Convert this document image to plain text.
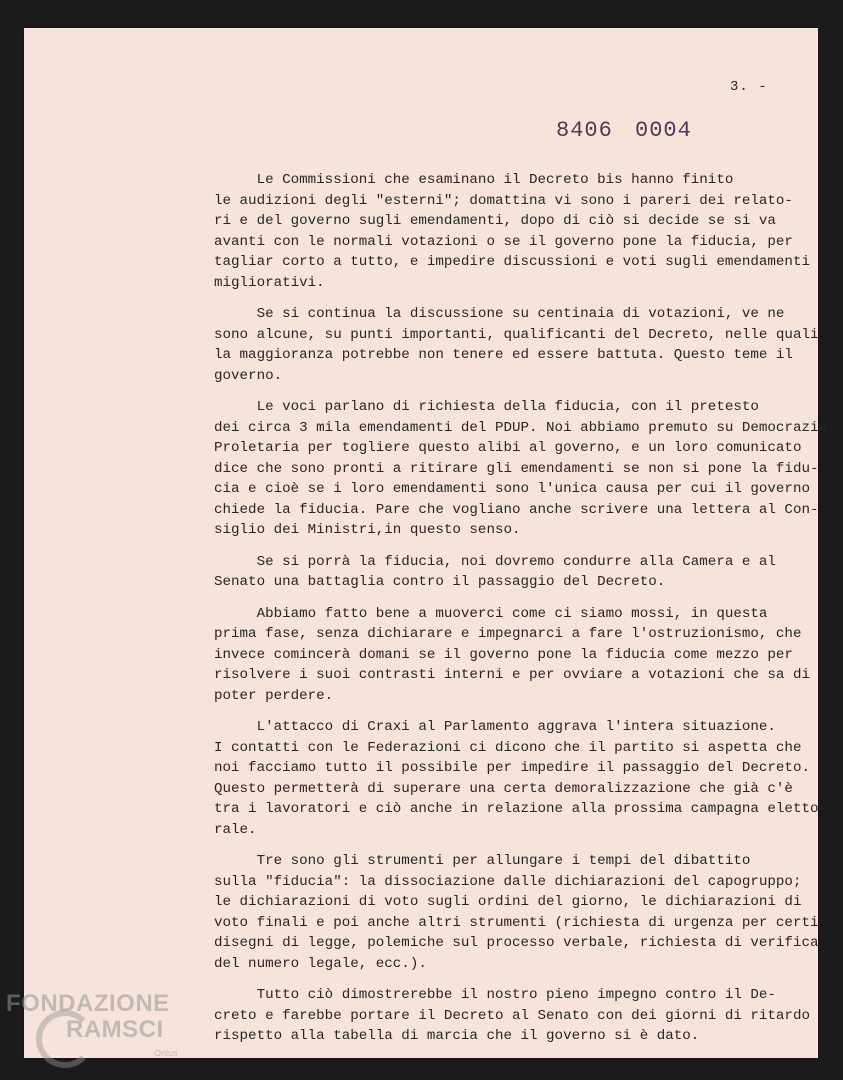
3. -
8406 0004
Le Commissioni che esaminano il Decreto bis hanno finito
le audizioni degli "esterni"; domattina vi sono i pareri dei relato-
ri e del governo sugli emendamenti, dopo di ciò si decide se si va
avanti con le normali votazioni o se il governo pone la fiducia, per
tagliar corto a tutto, e impedire discussioni e voti sugli emendamenti
migliorativi.
Se si continua la discussione su centinaia di votazioni, ve ne
sono alcune, su punti importanti, qualificanti del Decreto, nelle quali
la maggioranza potrebbe non tenere ed essere battuta. Questo teme il
governo.
Le voci parlano di richiesta della fiducia, con il pretesto
dei circa 3 mila emendamenti del PDUP. Noi abbiamo premuto su Democrazia
Proletaria per togliere questo alibi al governo, e un loro comunicato
dice che sono pronti a ritirare gli emendamenti se non si pone la fidu-
cia e cioè se i loro emendamenti sono l'unica causa per cui il governo
chiede la fiducia. Pare che vogliano anche scrivere una lettera al Con-
siglio dei Ministri,in questo senso.
Se si porrà la fiducia, noi dovremo condurre alla Camera e al
Senato una battaglia contro il passaggio del Decreto.
Abbiamo fatto bene a muoverci come ci siamo mossi, in questa
prima fase, senza dichiarare e impegnarci a fare l'ostruzionismo, che
invece comincerà domani se il governo pone la fiducia come mezzo per
risolvere i suoi contrasti interni e per ovviare a votazioni che sa di
poter perdere.
L'attacco di Craxi al Parlamento aggrava l'intera situazione.
I contatti con le Federazioni ci dicono che il partito si aspetta che
noi facciamo tutto il possibile per impedire il passaggio del Decreto.
Questo permetterà di superare una certa demoralizzazione che già c'è
tra i lavoratori e ciò anche in relazione alla prossima campagna eletto-
rale.
Tre sono gli strumenti per allungare i tempi del dibattito
sulla "fiducia": la dissociazione dalle dichiarazioni del capogruppo;
le dichiarazioni di voto sugli ordini del giorno, le dichiarazioni di
voto finali e poi anche altri strumenti (richiesta di urgenza per certi
disegni di legge, polemiche sul processo verbale, richiesta di verifica
del numero legale, ecc.).
Tutto ciò dimostrerebbe il nostro pieno impegno contro il De-
creto e farebbe portare il Decreto al Senato con dei giorni di ritardo
rispetto alla tabella di marcia che il governo si è dato.
FONDAZIONE
RAMSCI
Onlus
